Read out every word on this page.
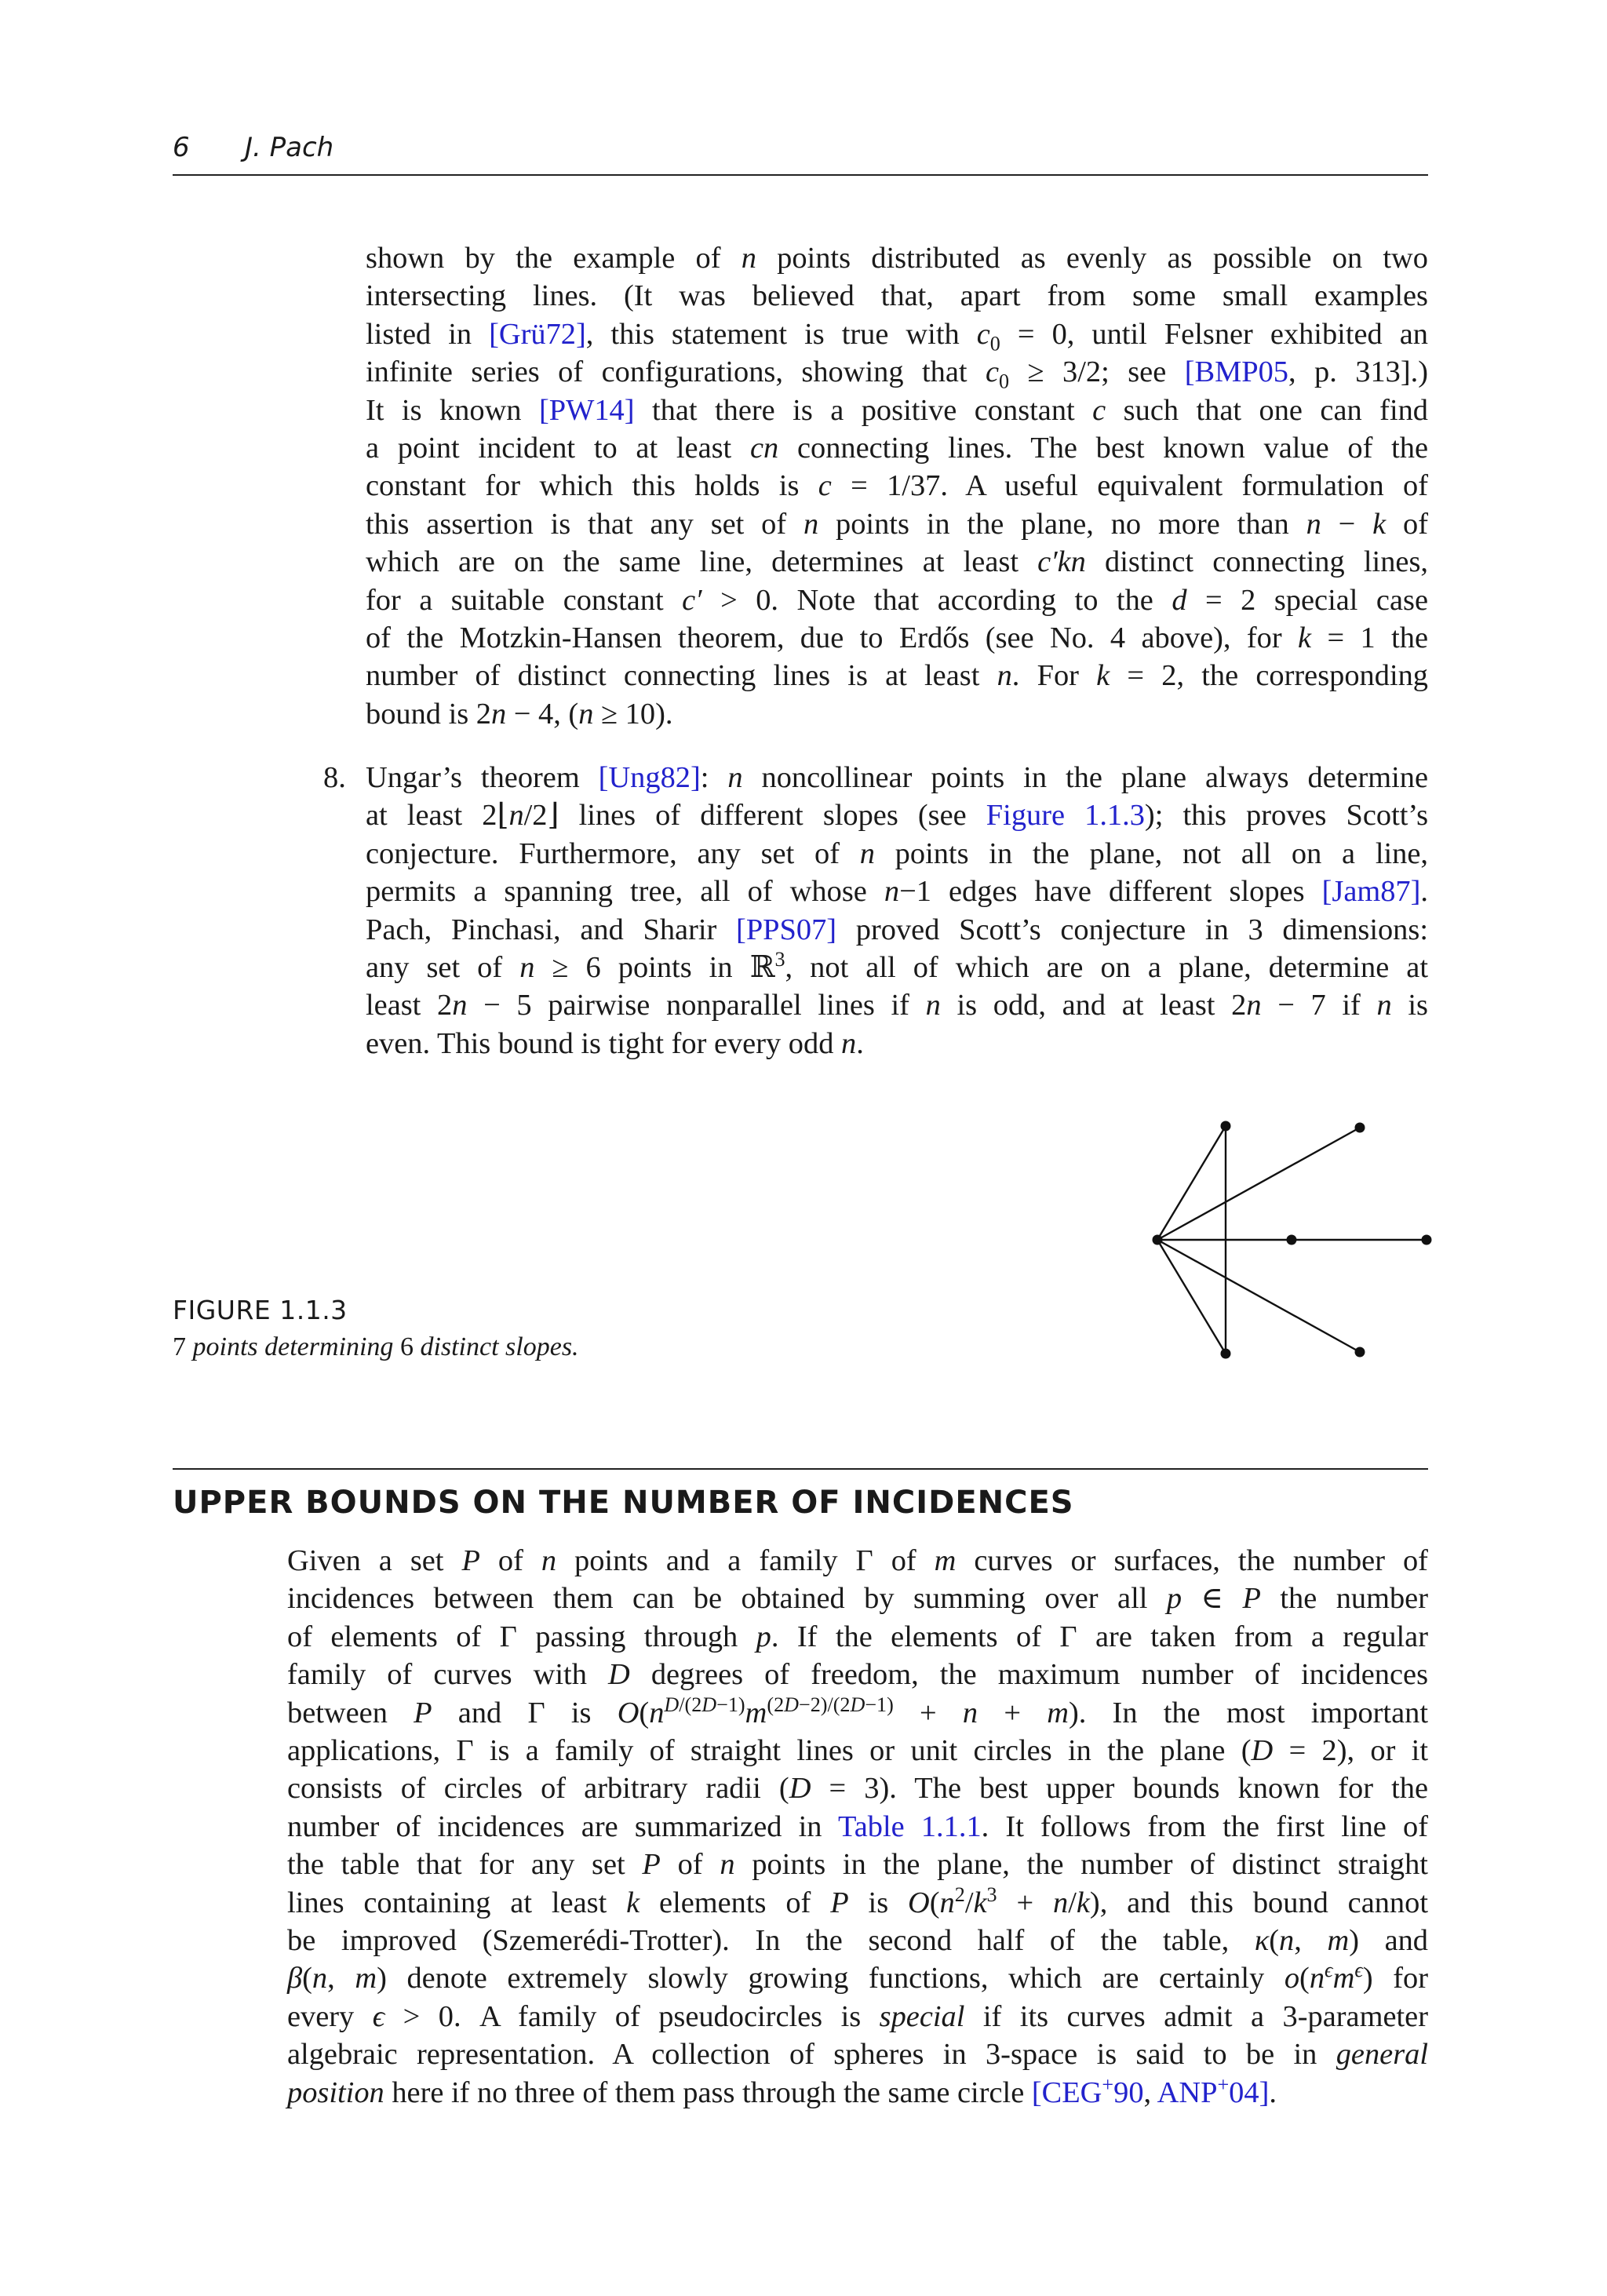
6 J. Pach
shown by the example of n points distributed as evenly as possible on two
intersecting lines. (It was believed that, apart from some small examples
listed in [Grü72], this statement is true with $c_0 = 0$, until Felsner exhibited an
infinite series of configurations, showing that $c_0 \ge 3/2$; see [BMP05, p. 313].)
It is known [PW14] that there is a positive constant c such that one can find
a point incident to at least cn connecting lines. The best known value of the
constant for which this holds is c = 1/37. A useful equivalent formulation of
this assertion is that any set of n points in the plane, no more than n − k of
which are on the same line, determines at least c′kn distinct connecting lines,
for a suitable constant c′ > 0. Note that according to the d = 2 special case
of the Motzkin-Hansen theorem, due to Erdős (see No. 4 above), for k = 1 the
number of distinct connecting lines is at least n. For k = 2, the corresponding
bound is 2n − 4, (n ≥ 10).
8. Ungar’s theorem [Ung82]: n noncollinear points in the plane always determine
at least 2⌊n/2⌋ lines of different slopes (see Figure 1.1.3); this proves Scott’s
conjecture. Furthermore, any set of n points in the plane, not all on a line,
permits a spanning tree, all of whose n−1 edges have different slopes [Jam87].
Pach, Pinchasi, and Sharir [PPS07] proved Scott’s conjecture in 3 dimensions:
any set of n ≥ 6 points in ℝ$^3$, not all of which are on a plane, determine at
least 2n − 5 pairwise nonparallel lines if n is odd, and at least 2n − 7 if n is
even. This bound is tight for every odd n.
FIGURE 1.1.3
7 points determining 6 distinct slopes.
UPPER BOUNDS ON THE NUMBER OF INCIDENCES
Given a set P of n points and a family Γ of m curves or surfaces, the number of
incidences between them can be obtained by summing over all p ∈ P the number
of elements of Γ passing through p. If the elements of Γ are taken from a regular
family of curves with D degrees of freedom, the maximum number of incidences
between P and Γ is $O(n^{D/(2D-1)}m^{(2D-2)/(2D-1)} + n + m)$. In the most important
applications, Γ is a family of straight lines or unit circles in the plane (D = 2), or it
consists of circles of arbitrary radii (D = 3). The best upper bounds known for the
number of incidences are summarized in Table 1.1.1. It follows from the first line of
the table that for any set P of n points in the plane, the number of distinct straight
lines containing at least k elements of P is $O(n^2/k^3 + n/k)$, and this bound cannot
be improved (Szemerédi-Trotter). In the second half of the table, κ(n, m) and
β(n, m) denote extremely slowly growing functions, which are certainly $o(n^\epsilon m^\epsilon)$ for
every ϵ > 0. A family of pseudocircles is special if its curves admit a 3-parameter
algebraic representation. A collection of spheres in 3-space is said to be in general
position here if no three of them pass through the same circle [CEG+90, ANP+04].
